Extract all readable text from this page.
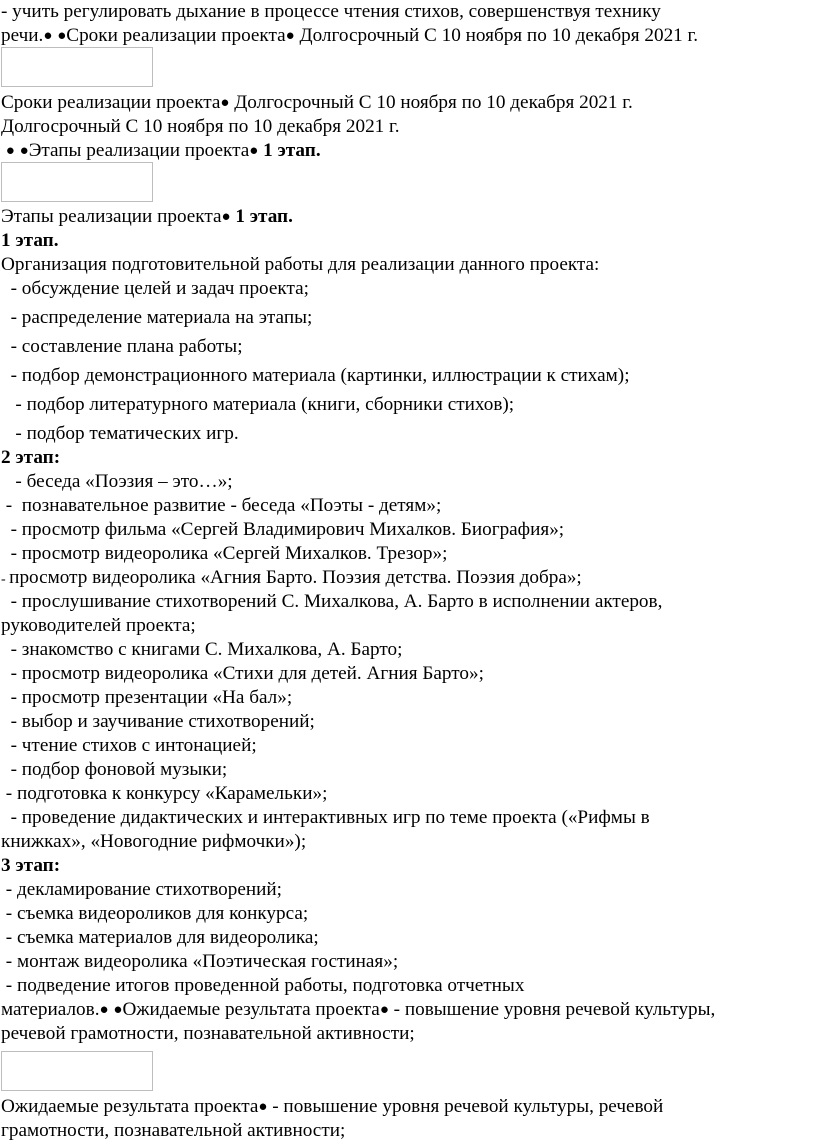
- учить регулировать дыхание в процессе чтения стихов, совершенствуя технику
речи.● ●Сроки реализации проекта● Долгосрочный С 10 ноября по 10 декабря 2021 г.
Сроки реализации проекта● Долгосрочный С 10 ноября по 10 декабря 2021 г.
Долгосрочный С 10 ноября по 10 декабря 2021 г.
● ●Этапы реализации проекта● 1 этап.
Этапы реализации проекта● 1 этап.
1 этап.
Организация подготовительной работы для реализации данного проекта:
- обсуждение целей и задач проекта;
- распределение материала на этапы;
- составление плана работы;
- подбор демонстрационного материала (картинки, иллюстрации к стихам);
- подбор литературного материала (книги, сборники стихов);
- подбор тематических игр.
2 этап:
- беседа «Поэзия – это…»;
-  познавательное развитие - беседа «Поэты - детям»;
- просмотр фильма «Сергей Владимирович Михалков. Биография»;
- просмотр видеоролика «Сергей Михалков. Трезор»;
- просмотр видеоролика «Агния Барто. Поэзия детства. Поэзия добра»;
- прослушивание стихотворений С. Михалкова, А. Барто в исполнении актеров,
руководителей проекта;
- знакомство с книгами С. Михалкова, А. Барто;
- просмотр видеоролика «Стихи для детей. Агния Барто»;
- просмотр презентации «На бал»;
- выбор и заучивание стихотворений;
- чтение стихов с интонацией;
- подбор фоновой музыки;
- подготовка к конкурсу «Карамельки»;
- проведение дидактических и интерактивных игр по теме проекта («Рифмы в
книжках», «Новогодние рифмочки»);
3 этап:
- декламирование стихотворений;
- съемка видеороликов для конкурса;
- съемка материалов для видеоролика;
- монтаж видеоролика «Поэтическая гостиная»;
- подведение итогов проведенной работы, подготовка отчетных
материалов.● ●Ожидаемые результата проекта● - повышение уровня речевой культуры,
речевой грамотности, познавательной активности;
Ожидаемые результата проекта● - повышение уровня речевой культуры, речевой
грамотности, познавательной активности;
